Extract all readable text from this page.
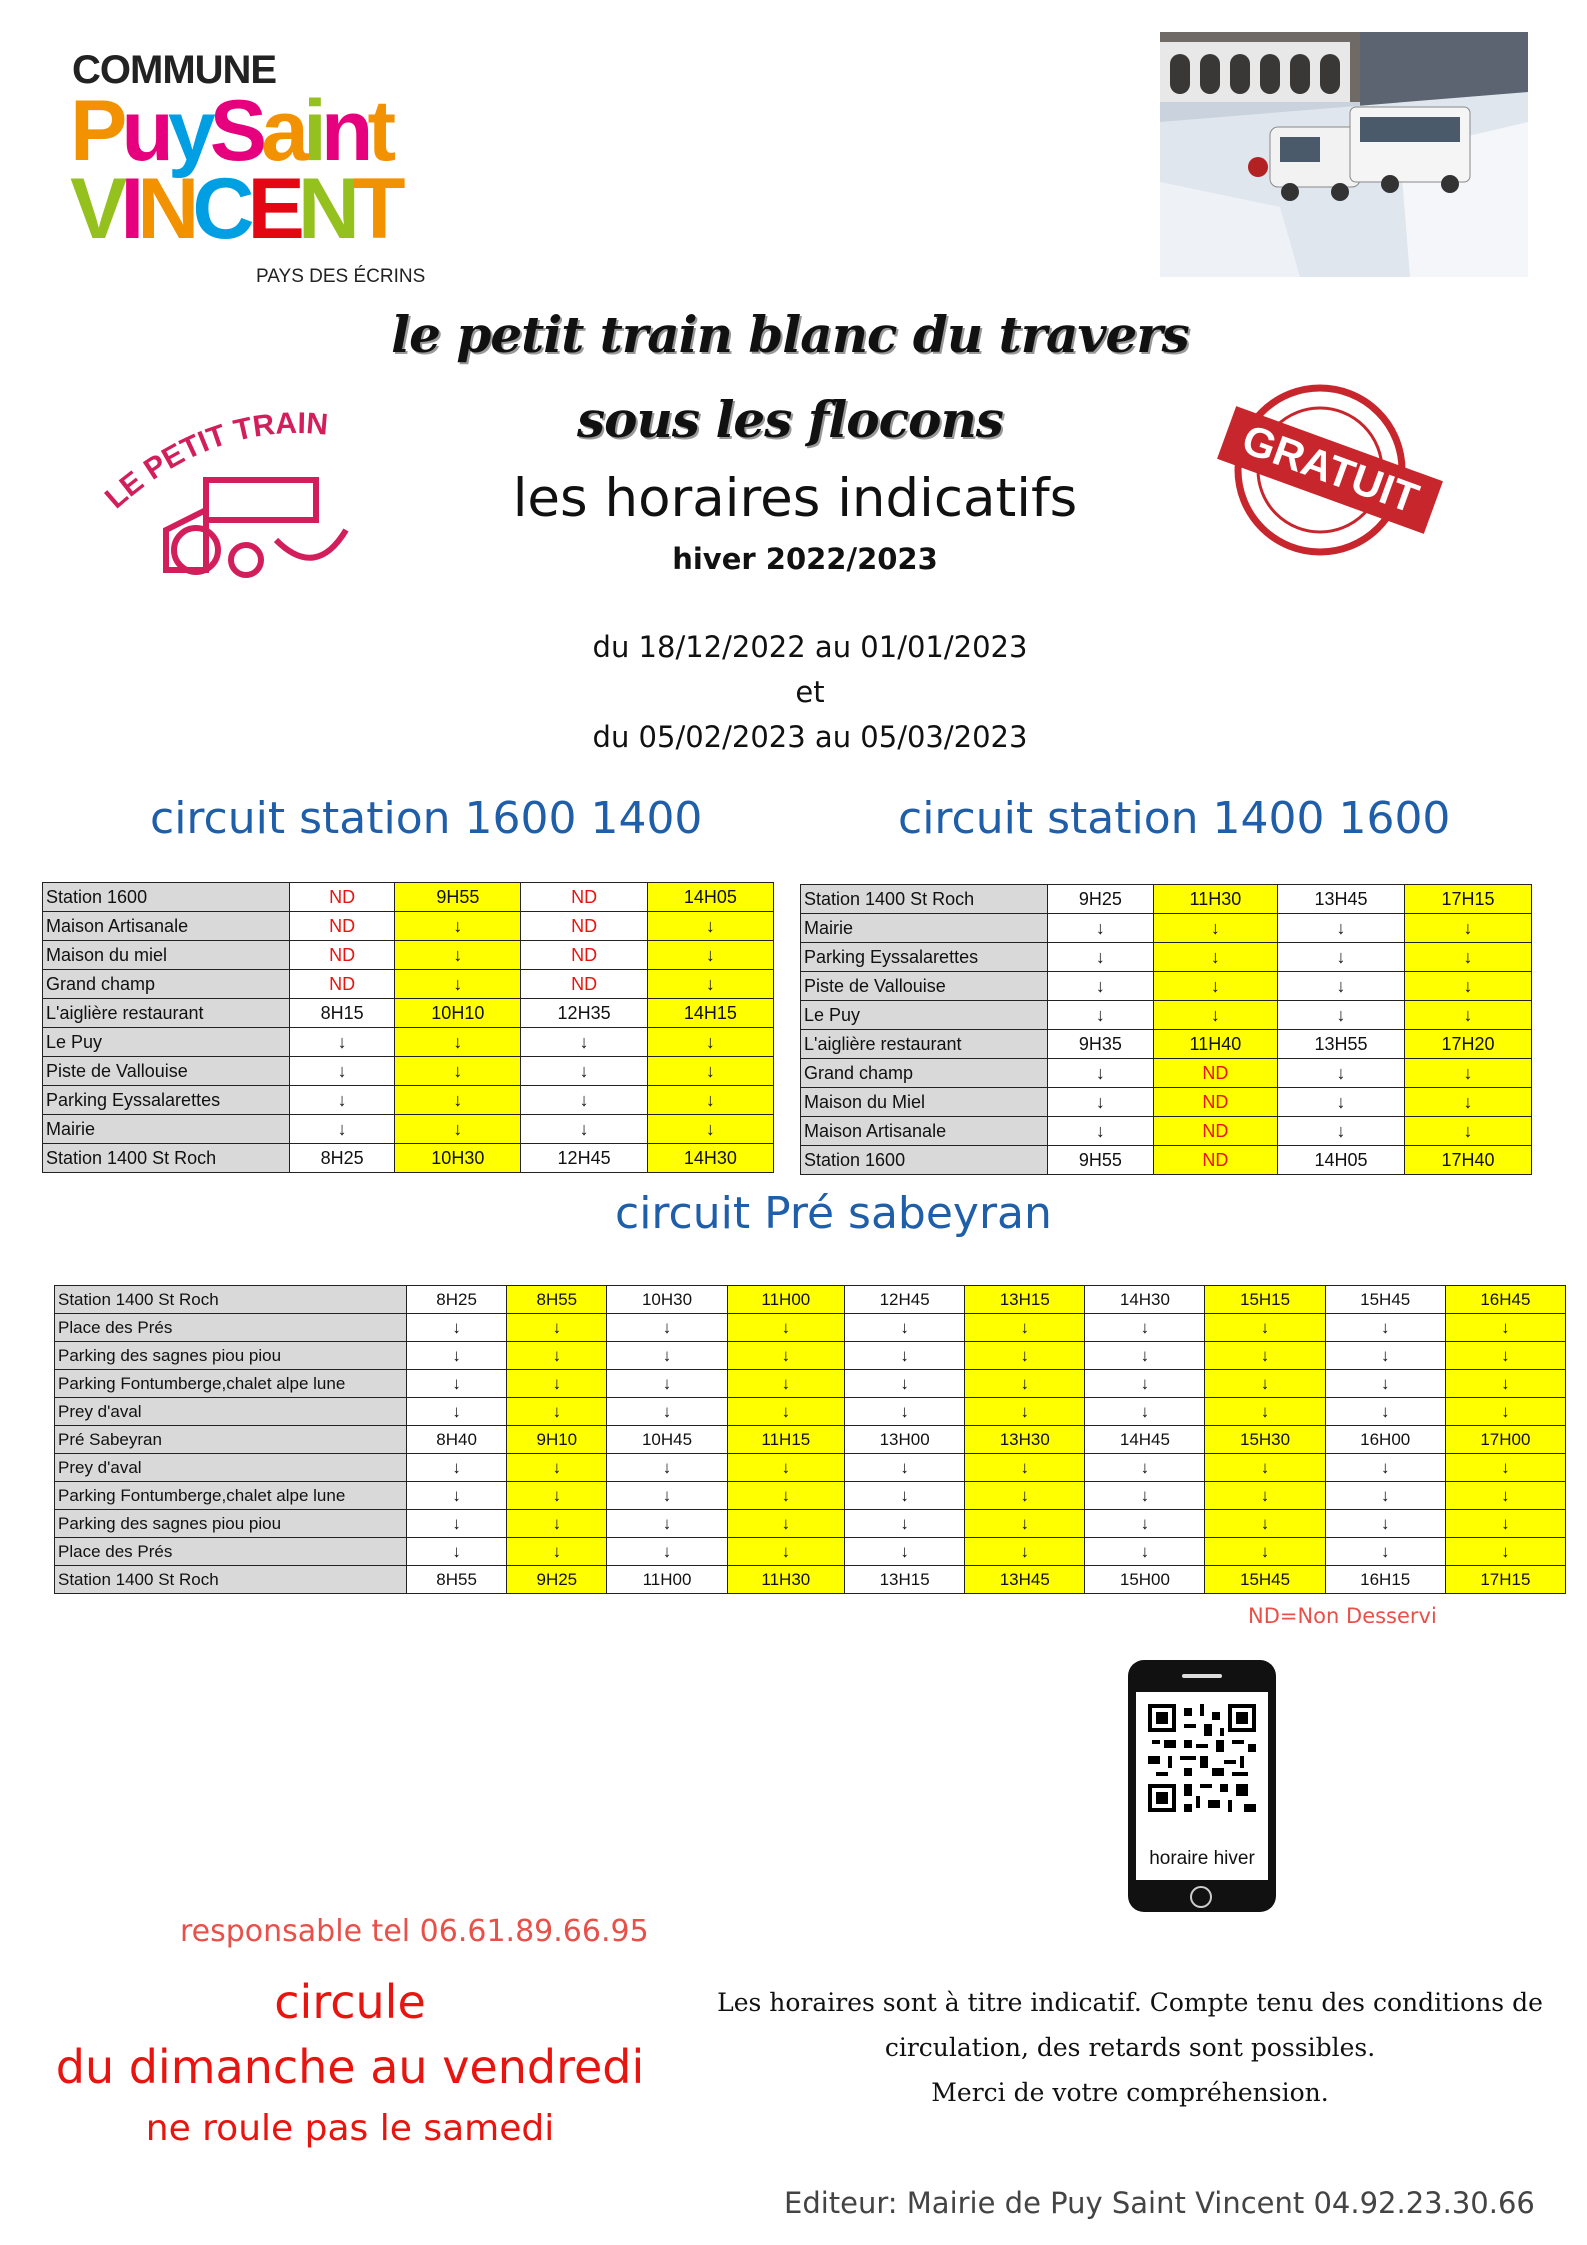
COMMUNE
PuySaint
VINCENT
PAYS DES ÉCRINS
LE PETIT TRAIN	GRATUIT
le petit train blanc du travers
sous les flocons
les horaires indicatifs
hiver 2022/2023
du 18/12/2022 au 01/01/2023
et
du 05/02/2023 au 05/03/2023
circuit station 1600 1400	circuit station 1400 1600
Station 1600	ND	9H55	ND	14H05
Maison Artisanale	ND	↓	ND	↓
Maison du miel	ND	↓	ND	↓
Grand champ	ND	↓	ND	↓
L'aiglière restaurant	8H15	10H10	12H35	14H15
Le Puy	↓	↓	↓	↓
Piste de Vallouise	↓	↓	↓	↓
Parking Eyssalarettes	↓	↓	↓	↓
Mairie	↓	↓	↓	↓
Station 1400 St Roch	8H25	10H30	12H45	14H30
Station 1400 St Roch	9H25	11H30	13H45	17H15
Mairie	↓	↓	↓	↓
Parking Eyssalarettes	↓	↓	↓	↓
Piste de Vallouise	↓	↓	↓	↓
Le Puy	↓	↓	↓	↓
L'aiglière restaurant	9H35	11H40	13H55	17H20
Grand champ	↓	ND	↓	↓
Maison du Miel	↓	ND	↓	↓
Maison Artisanale	↓	ND	↓	↓
Station 1600	9H55	ND	14H05	17H40
circuit Pré sabeyran
Station 1400 St Roch	8H25	8H55	10H30	11H00	12H45	13H15	14H30	15H15	15H45	16H45
Place des Prés	↓	↓	↓	↓	↓	↓	↓	↓	↓	↓
Parking des sagnes piou piou	↓	↓	↓	↓	↓	↓	↓	↓	↓	↓
Parking Fontumberge,chalet alpe lune	↓	↓	↓	↓	↓	↓	↓	↓	↓	↓
Prey d'aval	↓	↓	↓	↓	↓	↓	↓	↓	↓	↓
Pré Sabeyran	8H40	9H10	10H45	11H15	13H00	13H30	14H45	15H30	16H00	17H00
Prey d'aval	↓	↓	↓	↓	↓	↓	↓	↓	↓	↓
Parking Fontumberge,chalet alpe lune	↓	↓	↓	↓	↓	↓	↓	↓	↓	↓
Parking des sagnes piou piou	↓	↓	↓	↓	↓	↓	↓	↓	↓	↓
Place des Prés	↓	↓	↓	↓	↓	↓	↓	↓	↓	↓
Station 1400 St Roch	8H55	9H25	11H00	11H30	13H15	13H45	15H00	15H45	16H15	17H15
ND=Non Desservi
horaire hiver
responsable tel 06.61.89.66.95
circule
du dimanche au vendredi
ne roule pas le samedi
Les horaires sont à titre indicatif. Compte tenu des conditions de
circulation, des retards sont possibles.
Merci de votre compréhension.
Editeur: Mairie de Puy Saint Vincent 04.92.23.30.66
